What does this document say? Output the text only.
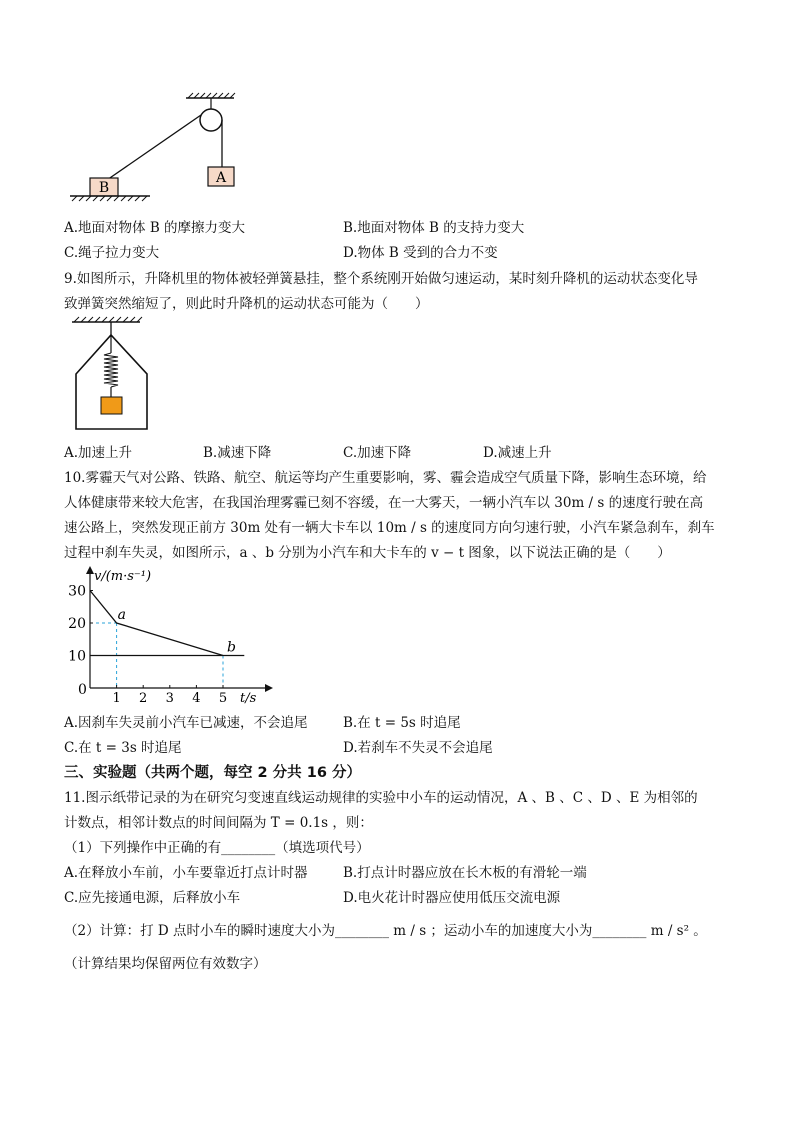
A
B
A.地面对物体 B 的摩擦力变大	B.地面对物体 B 的支持力变大
C.绳子拉力变大	D.物体 B 受到的合力不变
9.如图所示，升降机里的物体被轻弹簧悬挂，整个系统刚开始做匀速运动，某时刻升降机的运动状态变化导
致弹簧突然缩短了，则此时升降机的运动状态可能为（　　）
A.加速上升	B.减速下降	C.加速下降	D.减速上升
10.雾霾天气对公路、铁路、航空、航运等均产生重要影响，雾、霾会造成空气质量下降，影响生态环境，给
人体健康带来较大危害，在我国治理雾霾已刻不容缓，在一大雾天，一辆小汽车以 30m / s 的速度行驶在高
速公路上，突然发现正前方 30m 处有一辆大卡车以 10m / s 的速度同方向匀速行驶，小汽车紧急刹车，刹车
过程中刹车失灵，如图所示，a 、b 分别为小汽车和大卡车的 v − t 图象，以下说法正确的是（　　）
a
b
1 2 3 4 5
10
20
30
v/(m·s⁻¹)
t/s
0
A.因刹车失灵前小汽车已减速，不会追尾	B.在 t = 5s 时追尾
C.在 t = 3s 时追尾	D.若刹车不失灵不会追尾
三、实验题（共两个题，每空 2 分共 16 分）
11.图示纸带记录的为在研究匀变速直线运动规律的实验中小车的运动情况，A 、B 、C 、D 、E 为相邻的
计数点，相邻计数点的时间间隔为 T = 0.1s ，则：
（1）下列操作中正确的有________（填选项代号）
A.在释放小车前，小车要靠近打点计时器	B.打点计时器应放在长木板的有滑轮一端
C.应先接通电源，后释放小车	D.电火花计时器应使用低压交流电源
（2）计算：打 D 点时小车的瞬时速度大小为________ m / s ；运动小车的加速度大小为________ m / s² 。
（计算结果均保留两位有效数字）
